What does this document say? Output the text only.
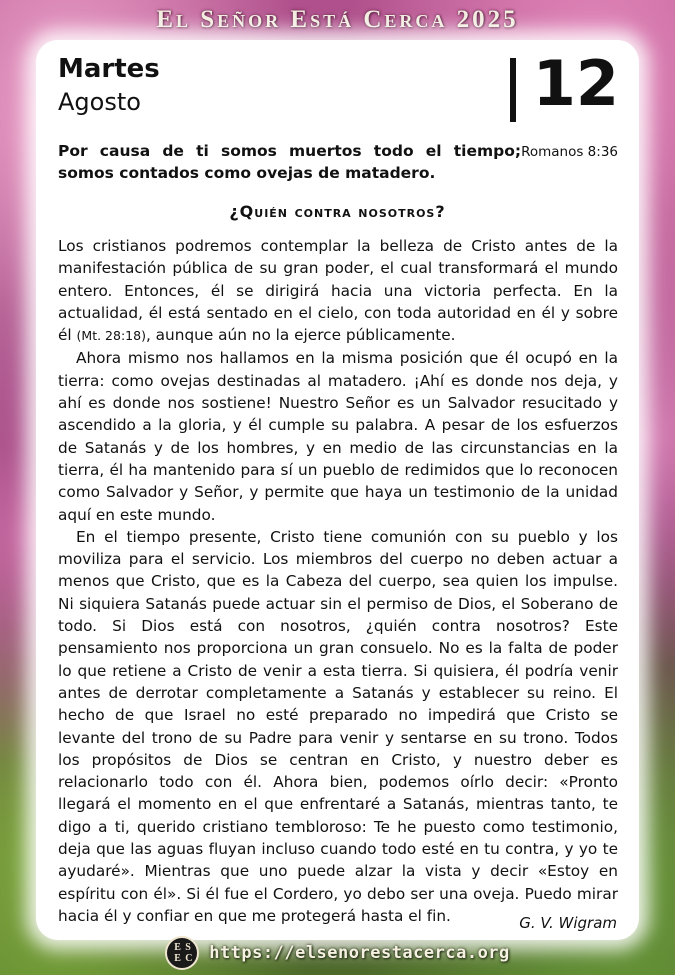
El Señor Está Cerca 2025
Martes
Agosto	12
Romanos 8:36
Por causa de ti somos muertos todo el tiempo; somos contados como ovejas de matadero.
¿Quién contra nosotros?

Los cristianos podremos contemplar la belleza de Cristo antes de la manifestación pública de su gran poder, el cual transformará el mundo entero. Entonces, él se dirigirá hacia una victoria perfecta. En la actualidad, él está sentado en el cielo, con toda autoridad en él y sobre él (Mt. 28:18), aunque aún no la ejerce públicamente.

Ahora mismo nos hallamos en la misma posición que él ocupó en la tierra: como ovejas destinadas al matadero. ¡Ahí es donde nos deja, y ahí es donde nos sostiene! Nuestro Señor es un Salvador resucitado y ascendido a la gloria, y él cumple su palabra. A pesar de los esfuerzos de Satanás y de los hombres, y en medio de las circunstancias en la tierra, él ha mantenido para sí un pueblo de redimidos que lo reconocen como Salvador y Señor, y permite que haya un testimonio de la unidad aquí en este mundo.

En el tiempo presente, Cristo tiene comunión con su pueblo y los moviliza para el servicio. Los miembros del cuerpo no deben actuar a menos que Cristo, que es la Cabeza del cuerpo, sea quien los impulse. Ni siquiera Satanás puede actuar sin el permiso de Dios, el Soberano de todo. Si Dios está con nosotros, ¿quién contra nosotros? Este pensamiento nos proporciona un gran consuelo. No es la falta de poder lo que retiene a Cristo de venir a esta tierra. Si quisiera, él podría venir antes de derrotar completamente a Satanás y establecer su reino. El hecho de que Israel no esté preparado no impedirá que Cristo se levante del trono de su Padre para venir y sentarse en su trono. Todos los propósitos de Dios se centran en Cristo, y nuestro deber es relacionarlo todo con él. Ahora bien, podemos oírlo decir: «Pronto llegará el momento en el que enfrentaré a Satanás, mientras tanto, te digo a ti, querido cristiano tembloroso: Te he puesto como testimonio, deja que las aguas fluyan incluso cuando todo esté en tu contra, y yo te ayudaré». Mientras que uno puede alzar la vista y decir «Estoy en espíritu con él». Si él fue el Cordero, yo debo ser una oveja. Puedo mirar hacia él y confiar en que me protegerá hasta el fin.	G. V. Wigram
E S
E C https://elsenorestacerca.org
